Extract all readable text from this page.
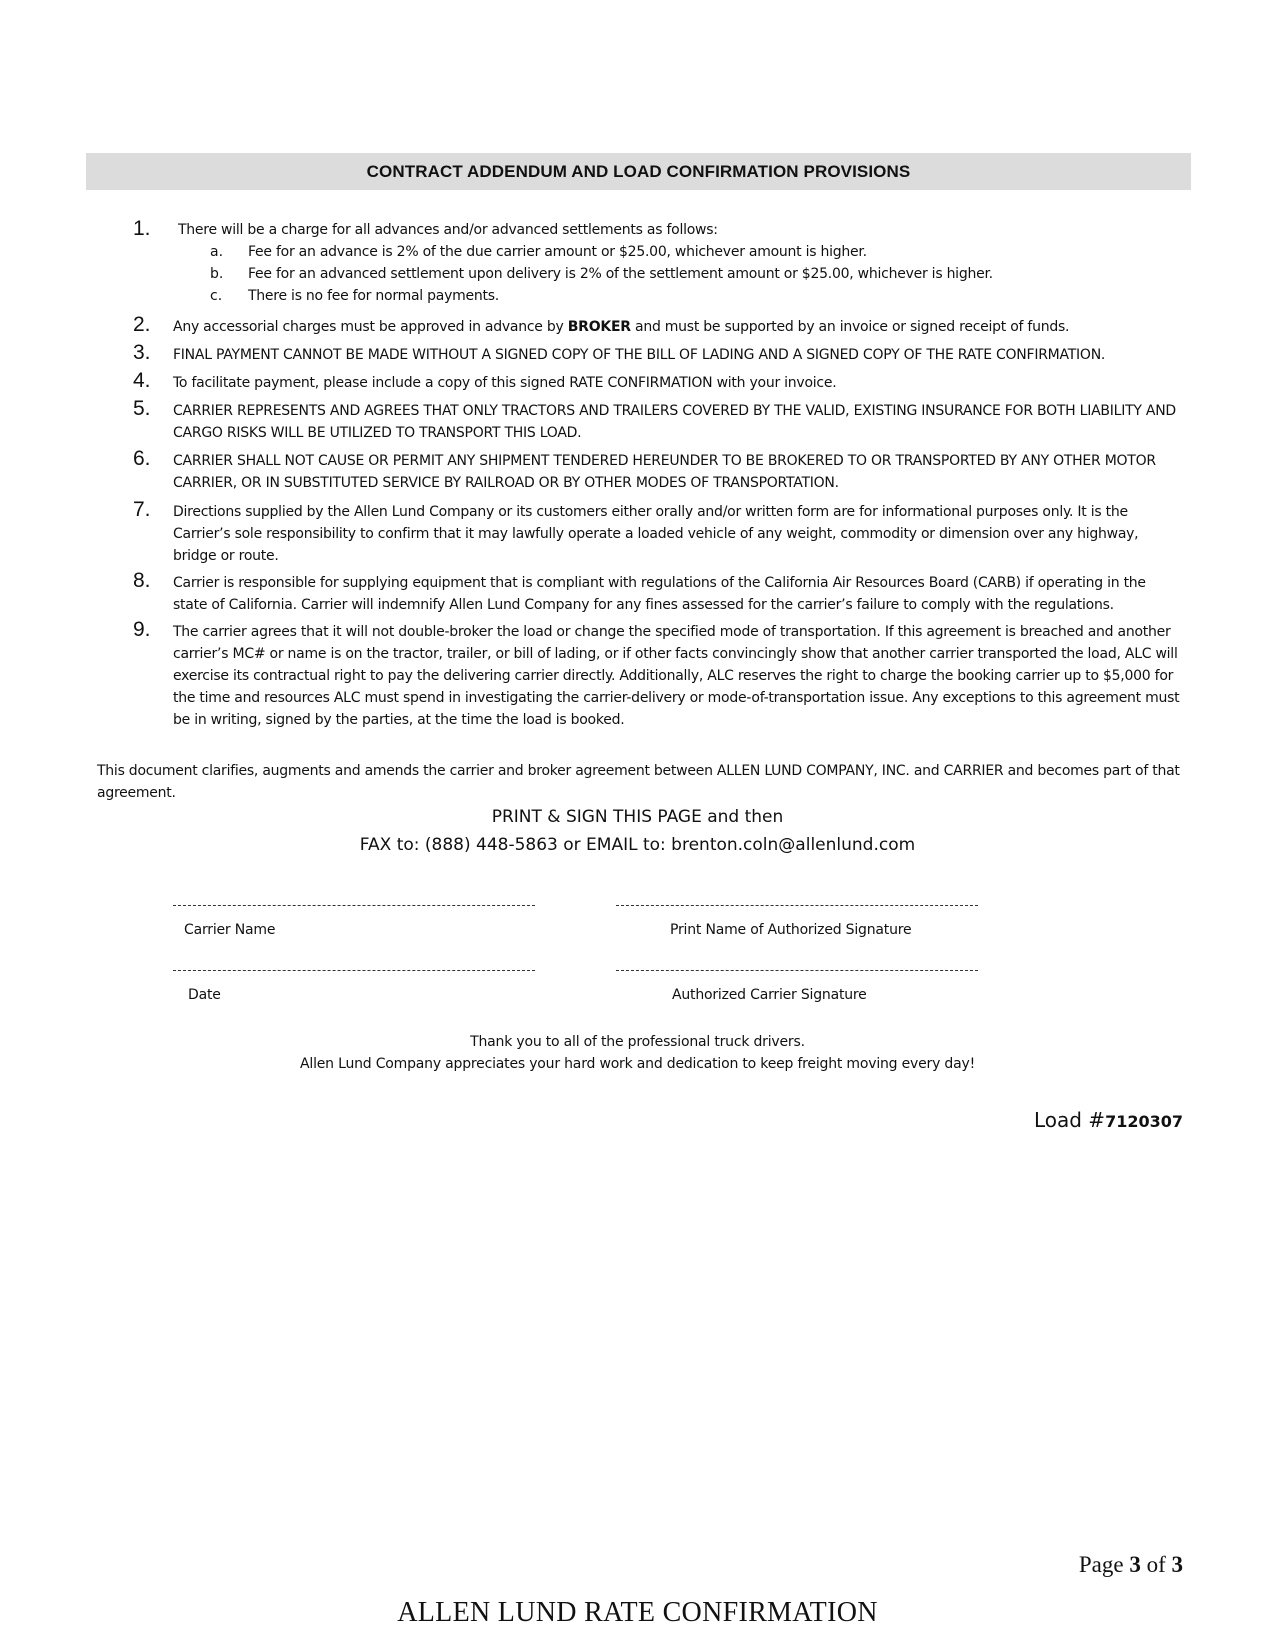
CONTRACT ADDENDUM AND LOAD CONFIRMATION PROVISIONS
1. There will be a charge for all advances and/or advanced settlements as follows:
a. Fee for an advance is 2% of the due carrier amount or $25.00, whichever amount is higher.
b. Fee for an advanced settlement upon delivery is 2% of the settlement amount or $25.00, whichever is higher.
c. There is no fee for normal payments.
2. Any accessorial charges must be approved in advance by BROKER and must be supported by an invoice or signed receipt of funds.
3. FINAL PAYMENT CANNOT BE MADE WITHOUT A SIGNED COPY OF THE BILL OF LADING AND A SIGNED COPY OF THE RATE CONFIRMATION.
4. To facilitate payment, please include a copy of this signed RATE CONFIRMATION with your invoice.
5. CARRIER REPRESENTS AND AGREES THAT ONLY TRACTORS AND TRAILERS COVERED BY THE VALID, EXISTING INSURANCE FOR BOTH LIABILITY AND CARGO RISKS WILL BE UTILIZED TO TRANSPORT THIS LOAD.
6. CARRIER SHALL NOT CAUSE OR PERMIT ANY SHIPMENT TENDERED HEREUNDER TO BE BROKERED TO OR TRANSPORTED BY ANY OTHER MOTOR CARRIER, OR IN SUBSTITUTED SERVICE BY RAILROAD OR BY OTHER MODES OF TRANSPORTATION.
7. Directions supplied by the Allen Lund Company or its customers either orally and/or written form are for informational purposes only. It is the Carrier’s sole responsibility to confirm that it may lawfully operate a loaded vehicle of any weight, commodity or dimension over any highway, bridge or route.
8. Carrier is responsible for supplying equipment that is compliant with regulations of the California Air Resources Board (CARB) if operating in the state of California. Carrier will indemnify Allen Lund Company for any fines assessed for the carrier’s failure to comply with the regulations.
9. The carrier agrees that it will not double-broker the load or change the specified mode of transportation. If this agreement is breached and another carrier’s MC# or name is on the tractor, trailer, or bill of lading, or if other facts convincingly show that another carrier transported the load, ALC will exercise its contractual right to pay the delivering carrier directly. Additionally, ALC reserves the right to charge the booking carrier up to $5,000 for the time and resources ALC must spend in investigating the carrier-delivery or mode-of-transportation issue. Any exceptions to this agreement must be in writing, signed by the parties, at the time the load is booked.
This document clarifies, augments and amends the carrier and broker agreement between ALLEN LUND COMPANY, INC. and CARRIER and becomes part of that agreement.
PRINT & SIGN THIS PAGE and then
FAX to: (888) 448-5863 or EMAIL to: brenton.coln@allenlund.com
Carrier Name	Print Name of Authorized Signature
Date	Authorized Carrier Signature
Thank you to all of the professional truck drivers.
Allen Lund Company appreciates your hard work and dedication to keep freight moving every day!
Load #7120307
Page 3 of 3
ALLEN LUND RATE CONFIRMATION
